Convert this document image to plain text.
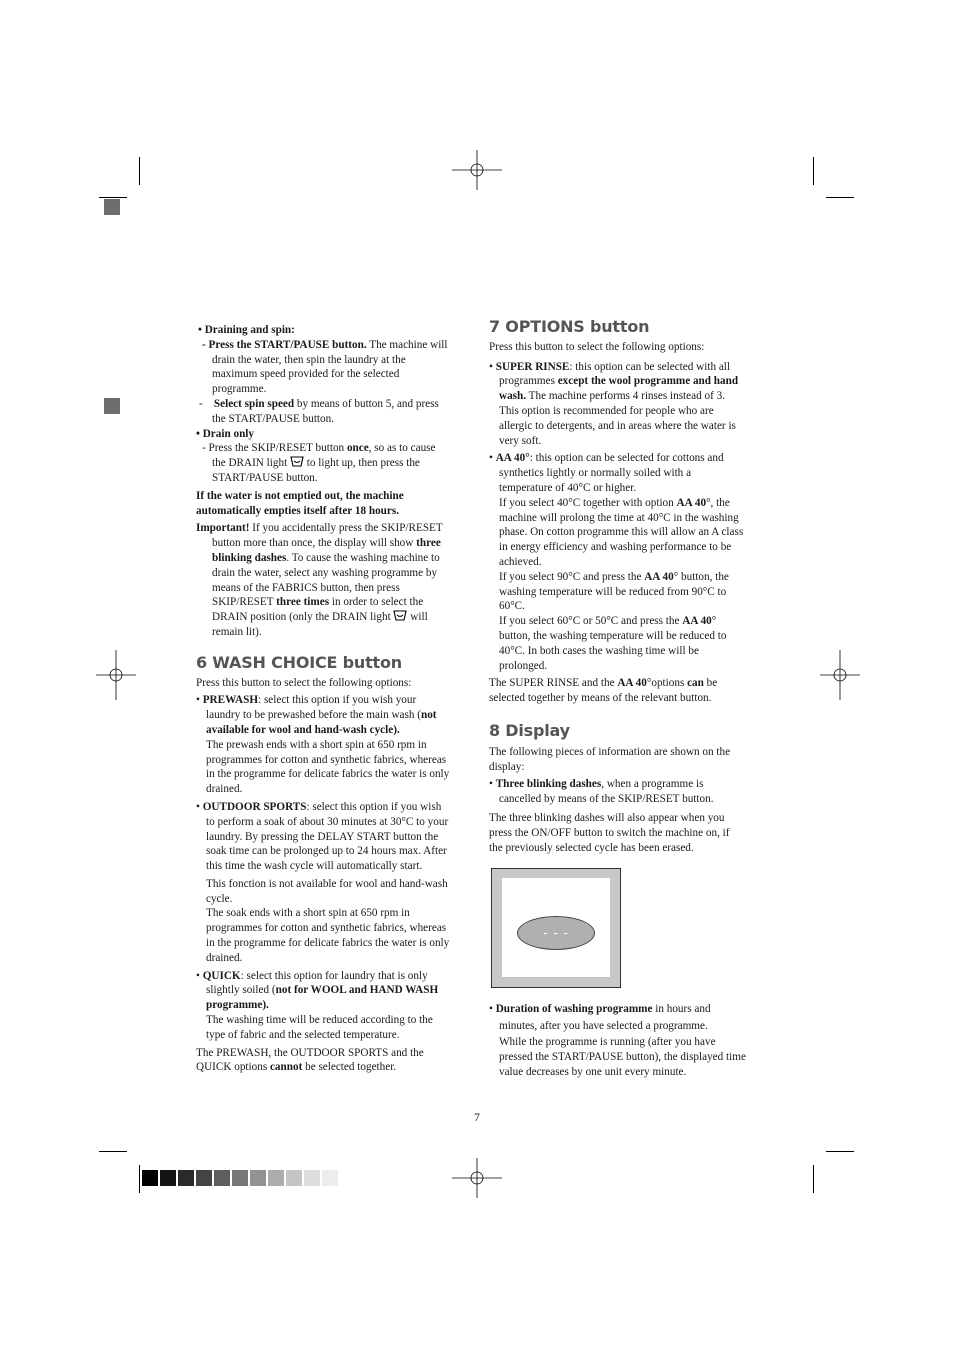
• Draining and spin:

- Press the START/PAUSE button. The machine will

drain the water, then spin the laundry at the

maximum speed provided for the selected

programme.

-    Select spin speed by means of button 5, and press

the START/PAUSE button.

• Drain only

- Press the SKIP/RESET button once, so as to cause

the DRAIN light  to light up, then press the

START/PAUSE button.

If the water is not emptied out, the machine

automatically empties itself after 18 hours.

Important! If you accidentally press the SKIP/RESET

button more than once, the display will show three

blinking dashes. To cause the washing machine to

drain the water, select any washing programme by

means of the FABRICS button, then press

SKIP/RESET three times in order to select the

DRAIN position (only the DRAIN light  will

remain lit).

6 WASH CHOICE button

Press this button to select the following options:

• PREWASH: select this option if you wish your

laundry to be prewashed before the main wash (not

available for wool and hand-wash cycle).

The prewash ends with a short spin at 650 rpm in

programmes for cotton and synthetic fabrics, whereas

in the programme for delicate fabrics the water is only

drained.

• OUTDOOR SPORTS: select this option if you wish

to perform a soak of about 30 minutes at 30°C to your

laundry. By pressing the DELAY START button the

soak time can be prolonged up to 24 hours max. After

this time the wash cycle will automatically start.

This fonction is not available for wool and hand-wash

cycle.

The soak ends with a short spin at 650 rpm in

programmes for cotton and synthetic fabrics, whereas

in the programme for delicate fabrics the water is only

drained.

• QUICK: select this option for laundry that is only

slightly soiled (not for WOOL and HAND WASH

programme).

The washing time will be reduced according to the

type of fabric and the selected temperature.

The PREWASH, the OUTDOOR SPORTS and the

QUICK options cannot be selected together.

7 OPTIONS button

Press this button to select the following options:

• SUPER RINSE: this option can be selected with all

programmes except the wool programme and hand

wash. The machine performs 4 rinses instead of 3.

This option is recommended for people who are

allergic to detergents, and in areas where the water is

very soft.

• AA 40°: this option can be selected for cottons and

synthetics lightly or normally soiled with a

temperature of 40°C or higher.

If you select 40°C together with option AA 40°, the

machine will prolong the time at 40°C in the washing

phase. On cotton programme this will allow an A class

in energy efficiency and washing performance to be

achieved.

If you select 90°C and press the AA 40° button, the

washing temperature will be reduced from 90°C to

60°C.

If you select 60°C or 50°C and press the AA 40°

button, the washing temperature will be reduced to

40°C. In both cases the washing time will be

prolonged.

The SUPER RINSE and the AA 40°options can be

selected together by means of the relevant button.

8 Display

The following pieces of information are shown on the

display:

• Three blinking dashes, when a programme is

cancelled by means of the SKIP/RESET button.

The three blinking dashes will also appear when you

press the ON/OFF button to switch the machine on, if

the previously selected cycle has been erased.

- - -

• Duration of washing programme in hours and

minutes, after you have selected a programme.

While the programme is running (after you have

pressed the START/PAUSE button), the displayed time

value decreases by one unit every minute.

7
